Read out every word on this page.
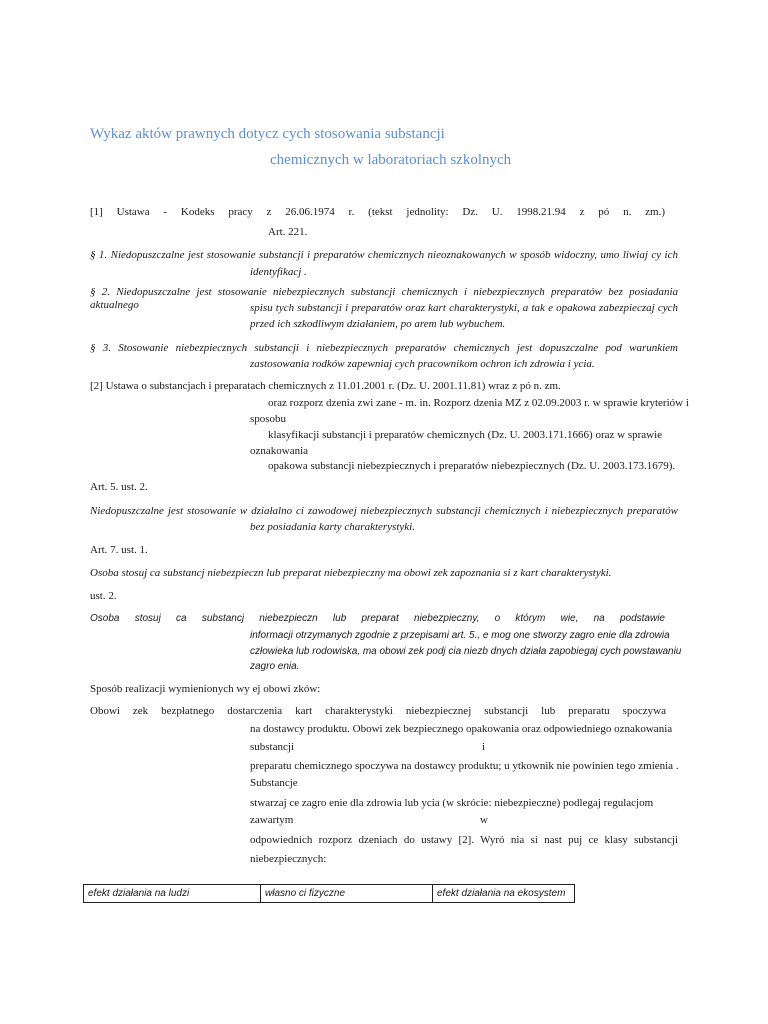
Wykaz aktów prawnych dotycz cych stosowania substancji
chemicznych w laboratoriach szkolnych
[1] Ustawa - Kodeks pracy z 26.06.1974 r. (tekst jednolity: Dz. U. 1998.21.94 z pó n. zm.)
Art. 221.
§ 1. Niedopuszczalne jest stosowanie substancji i preparatów chemicznych nieoznakowanych w sposób widoczny, umo liwiaj cy ich
identyfikacj .
§ 2. Niedopuszczalne jest stosowanie niebezpiecznych substancji chemicznych i niebezpiecznych preparatów bez posiadania aktualnego	spisu tych substancji i preparatów oraz kart charakterystyki, a tak e opakowa zabezpieczaj cych
przed ich szkodliwym działaniem, po arem lub wybuchem.
§ 3. Stosowanie niebezpiecznych substancji i niebezpiecznych preparatów chemicznych jest dopuszczalne pod warunkiem
zastosowania rodków zapewniaj cych pracownikom ochron ich zdrowia i ycia.
[2] Ustawa o substancjach i preparatach chemicznych z 11.01.2001 r. (Dz. U. 2001.11.81) wraz z pó n. zm.
oraz rozporz dzenia zwi zane - m. in. Rozporz dzenia MZ z 02.09.2003 r. w sprawie kryteriów i
sposobu
klasyfikacji substancji i preparatów chemicznych (Dz. U. 2003.171.1666) oraz w sprawie
oznakowania
opakowa substancji niebezpiecznych i preparatów niebezpiecznych (Dz. U. 2003.173.1679).
Art. 5. ust. 2.
Niedopuszczalne jest stosowanie w działalno ci zawodowej niebezpiecznych substancji chemicznych i niebezpiecznych preparatów
bez posiadania karty charakterystyki.
Art. 7. ust. 1.
Osoba stosuj ca substancj niebezpieczn lub preparat niebezpieczny ma obowi zek zapoznania si z kart charakterystyki.
ust. 2.
Osoba stosuj ca substancj niebezpieczn lub preparat niebezpieczny, o którym wie, na podstawie
informacji otrzymanych zgodnie z przepisami art. 5., e mog one stworzy zagro enie dla zdrowia
człowieka lub rodowiska, ma obowi zek podj cia niezb dnych działa zapobiegaj cych powstawaniu
zagro enia.
Sposób realizacji wymienionych wy ej obowi zków:
Obowi zek bezpłatnego dostarczenia kart charakterystyki niebezpiecznej substancji lub preparatu spoczywa
na dostawcy produktu. Obowi zek bezpiecznego opakowania oraz odpowiedniego oznakowania
substancji	i
preparatu chemicznego spoczywa na dostawcy produktu; u ytkownik nie powinien tego zmienia .
Substancje
stwarzaj ce zagro enie dla zdrowia lub ycia (w skrócie: niebezpieczne) podlegaj regulacjom
zawartym	w
odpowiednich rozporz dzeniach do ustawy [2]. Wyró nia si nast puj ce klasy substancji
niebezpiecznych:
efekt działania na ludzi	własno ci fizyczne	efekt działania na ekosystem
